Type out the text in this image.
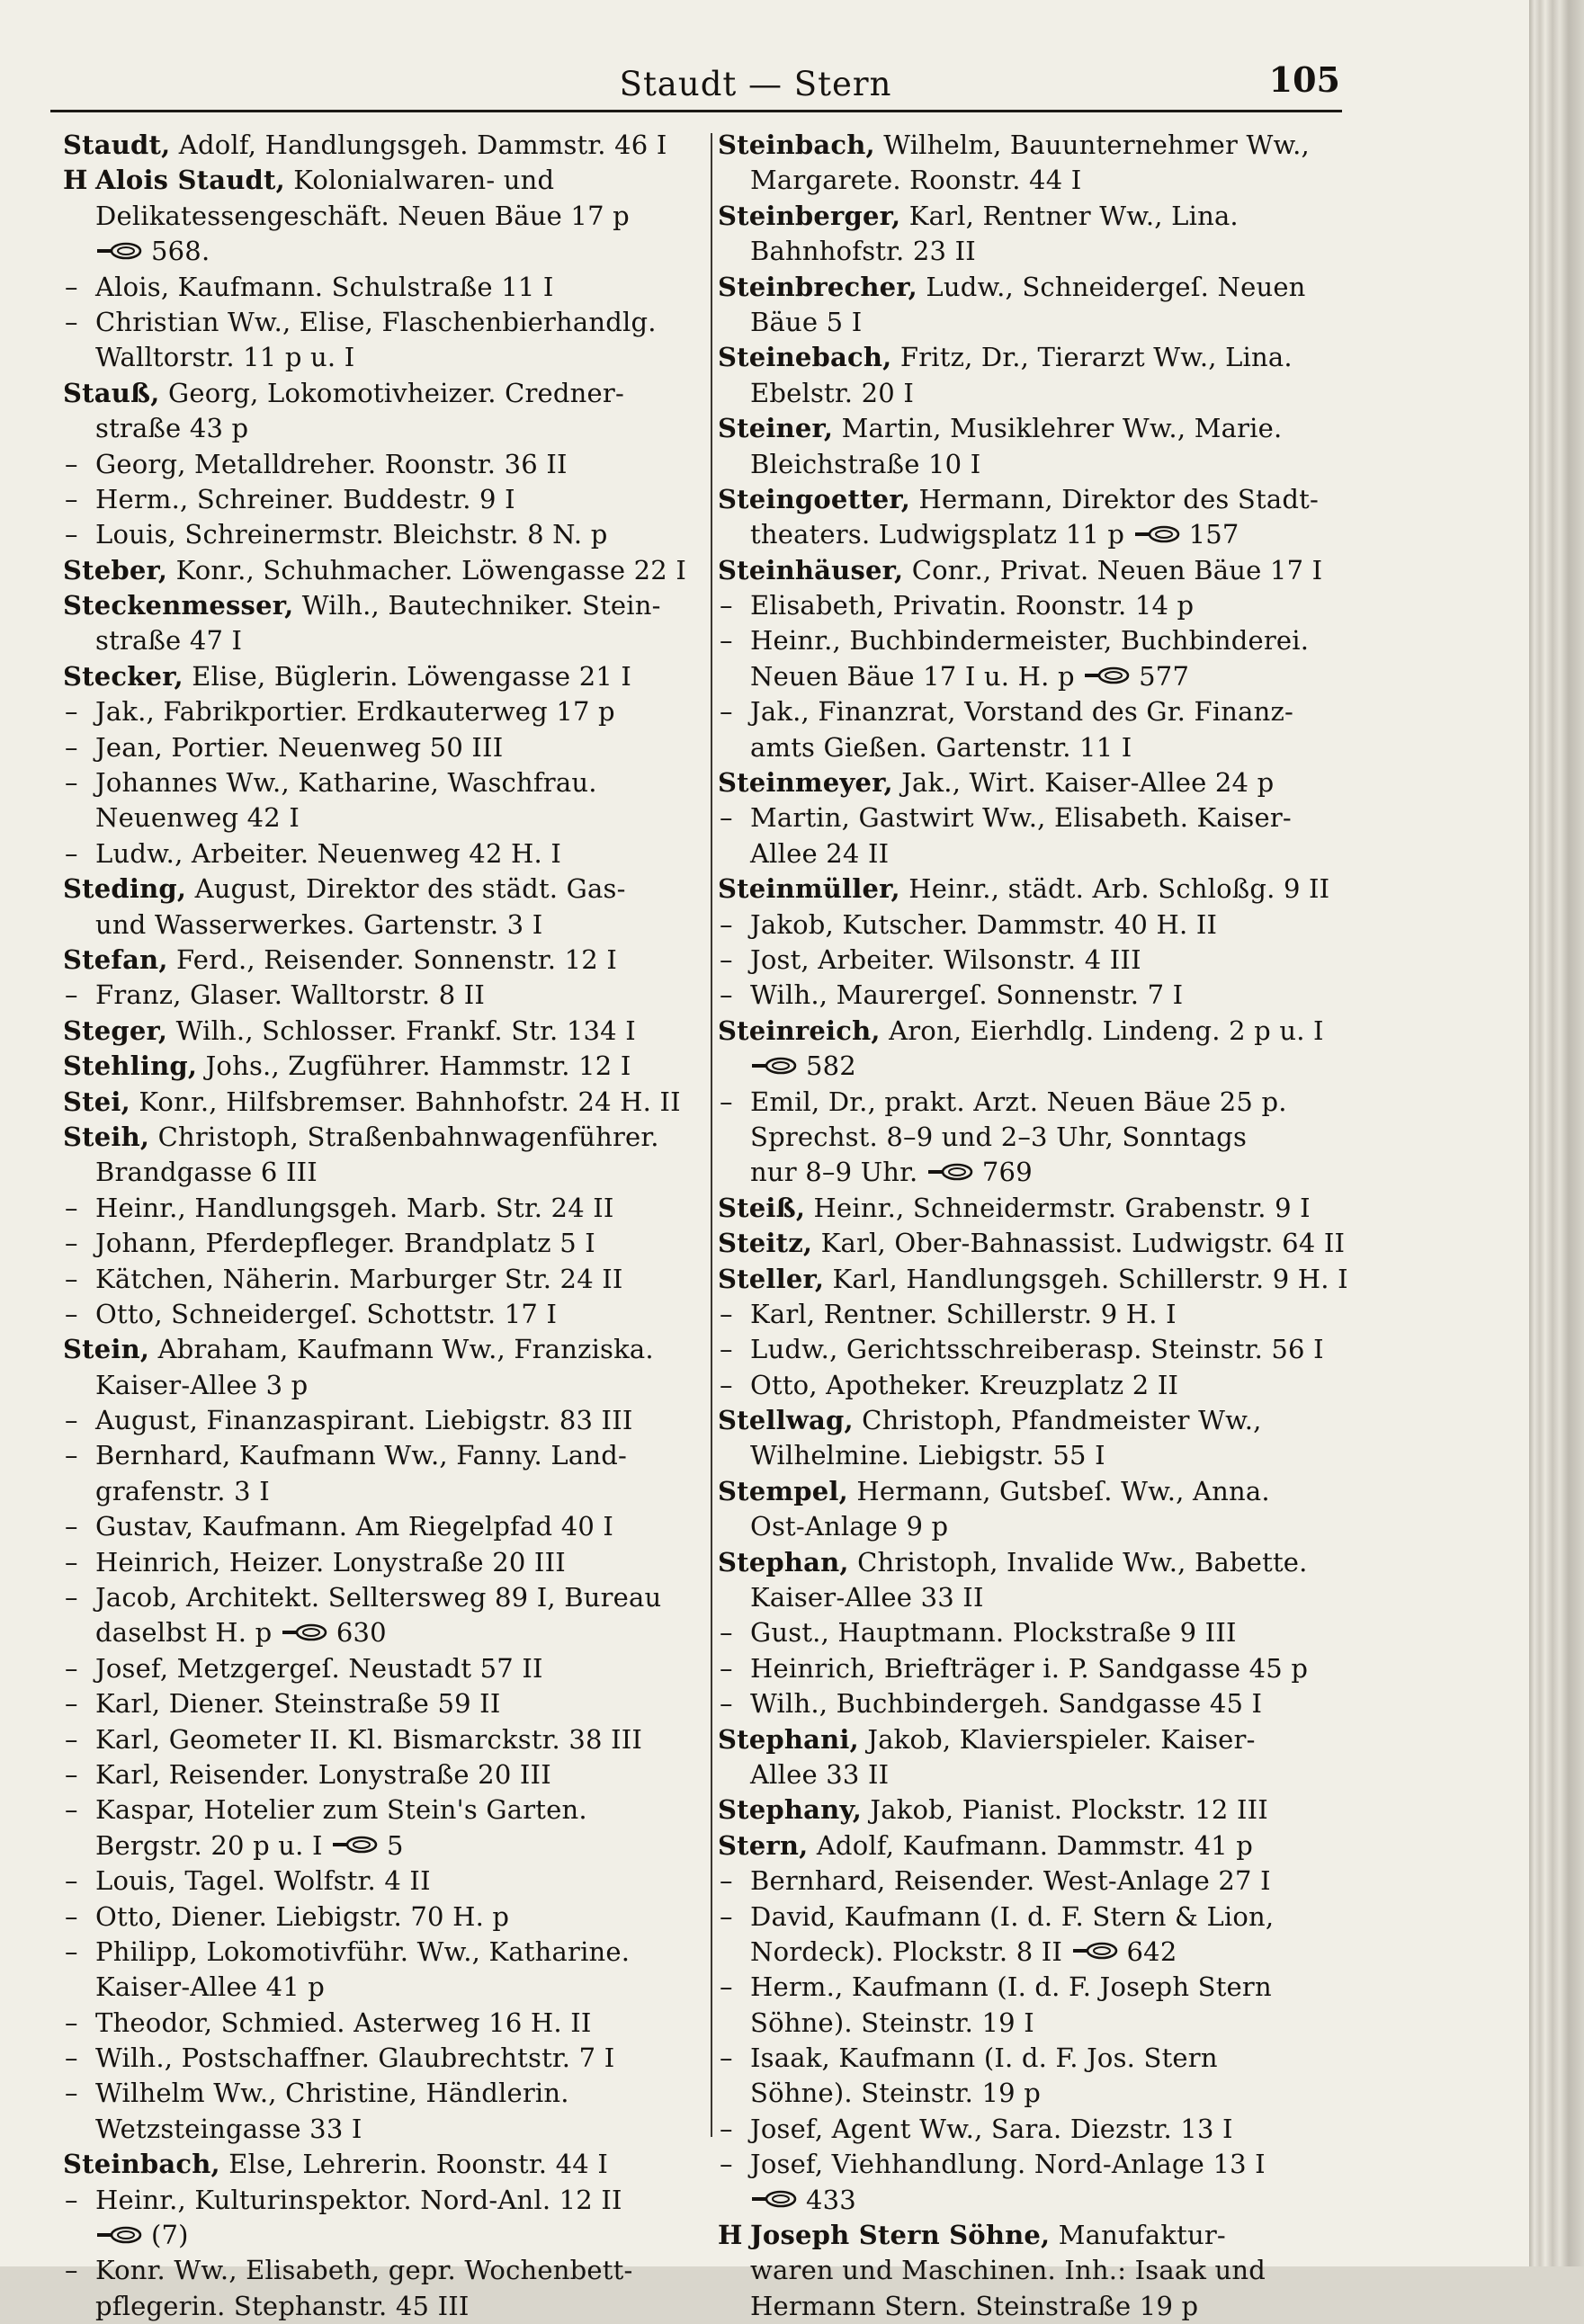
Staudt — Stern	105
Staudt, Adolf, Handlungsgeh. Dammstr. 46 I
H Alois Staudt, Kolonialwaren- und
Delikatessengeschäft. Neuen Bäue 17 p
568.
– Alois, Kaufmann. Schulstraße 11 I
– Christian Ww., Elise, Flaschenbierhandlg.
Walltorstr. 11 p u. I
Stauß, Georg, Lokomotivheizer. Credner-
straße 43 p
– Georg, Metalldreher. Roonstr. 36 II
– Herm., Schreiner. Buddestr. 9 I
– Louis, Schreinermstr. Bleichstr. 8 N. p
Steber, Konr., Schuhmacher. Löwengasse 22 I
Steckenmesser, Wilh., Bautechniker. Stein-
straße 47 I
Stecker, Elise, Büglerin. Löwengasse 21 I
– Jak., Fabrikportier. Erdkauterweg 17 p
– Jean, Portier. Neuenweg 50 III
– Johannes Ww., Katharine, Waschfrau.
Neuenweg 42 I
– Ludw., Arbeiter. Neuenweg 42 H. I
Steding, August, Direktor des städt. Gas-
und Wasserwerkes. Gartenstr. 3 I
Stefan, Ferd., Reisender. Sonnenstr. 12 I
– Franz, Glaser. Walltorstr. 8 II
Steger, Wilh., Schlosser. Frankf. Str. 134 I
Stehling, Johs., Zugführer. Hammstr. 12 I
Stei, Konr., Hilfsbremser. Bahnhofstr. 24 H. II
Steih, Christoph, Straßenbahnwagenführer.
Brandgasse 6 III
– Heinr., Handlungsgeh. Marb. Str. 24 II
– Johann, Pferdepfleger. Brandplatz 5 I
– Kätchen, Näherin. Marburger Str. 24 II
– Otto, Schneidergeſ. Schottstr. 17 I
Stein, Abraham, Kaufmann Ww., Franziska.
Kaiser-Allee 3 p
– August, Finanzaspirant. Liebigstr. 83 III
– Bernhard, Kaufmann Ww., Fanny. Land-
grafenstr. 3 I
– Gustav, Kaufmann. Am Riegelpfad 40 I
– Heinrich, Heizer. Lonystraße 20 III
– Jacob, Architekt. Selltersweg 89 I, Bureau
daselbst H. p 630
– Josef, Metzgergeſ. Neustadt 57 II
– Karl, Diener. Steinstraße 59 II
– Karl, Geometer II. Kl. Bismarckstr. 38 III
– Karl, Reisender. Lonystraße 20 III
– Kaspar, Hotelier zum Stein's Garten.
Bergstr. 20 p u. I 5
– Louis, Tagel. Wolfstr. 4 II
– Otto, Diener. Liebigstr. 70 H. p
– Philipp, Lokomotivführ. Ww., Katharine.
Kaiser-Allee 41 p
– Theodor, Schmied. Asterweg 16 H. II
– Wilh., Postschaffner. Glaubrechtstr. 7 I
– Wilhelm Ww., Christine, Händlerin.
Wetzsteingasse 33 I
Steinbach, Else, Lehrerin. Roonstr. 44 I
– Heinr., Kulturinspektor. Nord-Anl. 12 II
(7)
– Konr. Ww., Elisabeth, gepr. Wochenbett-
pflegerin. Stephanstr. 45 III
Steinbach, Wilhelm, Bauunternehmer Ww.,
Margarete. Roonstr. 44 I
Steinberger, Karl, Rentner Ww., Lina.
Bahnhofstr. 23 II
Steinbrecher, Ludw., Schneidergeſ. Neuen
Bäue 5 I
Steinebach, Fritz, Dr., Tierarzt Ww., Lina.
Ebelstr. 20 I
Steiner, Martin, Musiklehrer Ww., Marie.
Bleichstraße 10 I
Steingoetter, Hermann, Direktor des Stadt-
theaters. Ludwigsplatz 11 p 157
Steinhäuser, Conr., Privat. Neuen Bäue 17 I
– Elisabeth, Privatin. Roonstr. 14 p
– Heinr., Buchbindermeister, Buchbinderei.
Neuen Bäue 17 I u. H. p 577
– Jak., Finanzrat, Vorstand des Gr. Finanz-
amts Gießen. Gartenstr. 11 I
Steinmeyer, Jak., Wirt. Kaiser-Allee 24 p
– Martin, Gastwirt Ww., Elisabeth. Kaiser-
Allee 24 II
Steinmüller, Heinr., städt. Arb. Schloßg. 9 II
– Jakob, Kutscher. Dammstr. 40 H. II
– Jost, Arbeiter. Wilsonstr. 4 III
– Wilh., Maurergeſ. Sonnenstr. 7 I
Steinreich, Aron, Eierhdlg. Lindeng. 2 p u. I
582
– Emil, Dr., prakt. Arzt. Neuen Bäue 25 p.
Sprechst. 8–9 und 2–3 Uhr, Sonntags
nur 8–9 Uhr. 769
Steiß, Heinr., Schneidermstr. Grabenstr. 9 I
Steitz, Karl, Ober-Bahnassist. Ludwigstr. 64 II
Steller, Karl, Handlungsgeh. Schillerstr. 9 H. I
– Karl, Rentner. Schillerstr. 9 H. I
– Ludw., Gerichtsschreiberasp. Steinstr. 56 I
– Otto, Apotheker. Kreuzplatz 2 II
Stellwag, Christoph, Pfandmeister Ww.,
Wilhelmine. Liebigstr. 55 I
Stempel, Hermann, Gutsbeſ. Ww., Anna.
Ost-Anlage 9 p
Stephan, Christoph, Invalide Ww., Babette.
Kaiser-Allee 33 II
– Gust., Hauptmann. Plockstraße 9 III
– Heinrich, Briefträger i. P. Sandgasse 45 p
– Wilh., Buchbindergeh. Sandgasse 45 I
Stephani, Jakob, Klavierspieler. Kaiser-
Allee 33 II
Stephany, Jakob, Pianist. Plockstr. 12 III
Stern, Adolf, Kaufmann. Dammstr. 41 p
– Bernhard, Reisender. West-Anlage 27 I
– David, Kaufmann (I. d. F. Stern & Lion,
Nordeck). Plockstr. 8 II 642
– Herm., Kaufmann (I. d. F. Joseph Stern
Söhne). Steinstr. 19 I
– Isaak, Kaufmann (I. d. F. Jos. Stern
Söhne). Steinstr. 19 p
– Josef, Agent Ww., Sara. Diezstr. 13 I
– Josef, Viehhandlung. Nord-Anlage 13 I
433
H Joseph Stern Söhne, Manufaktur-
waren und Maschinen. Inh.: Isaak und
Hermann Stern. Steinstraße 19 p
